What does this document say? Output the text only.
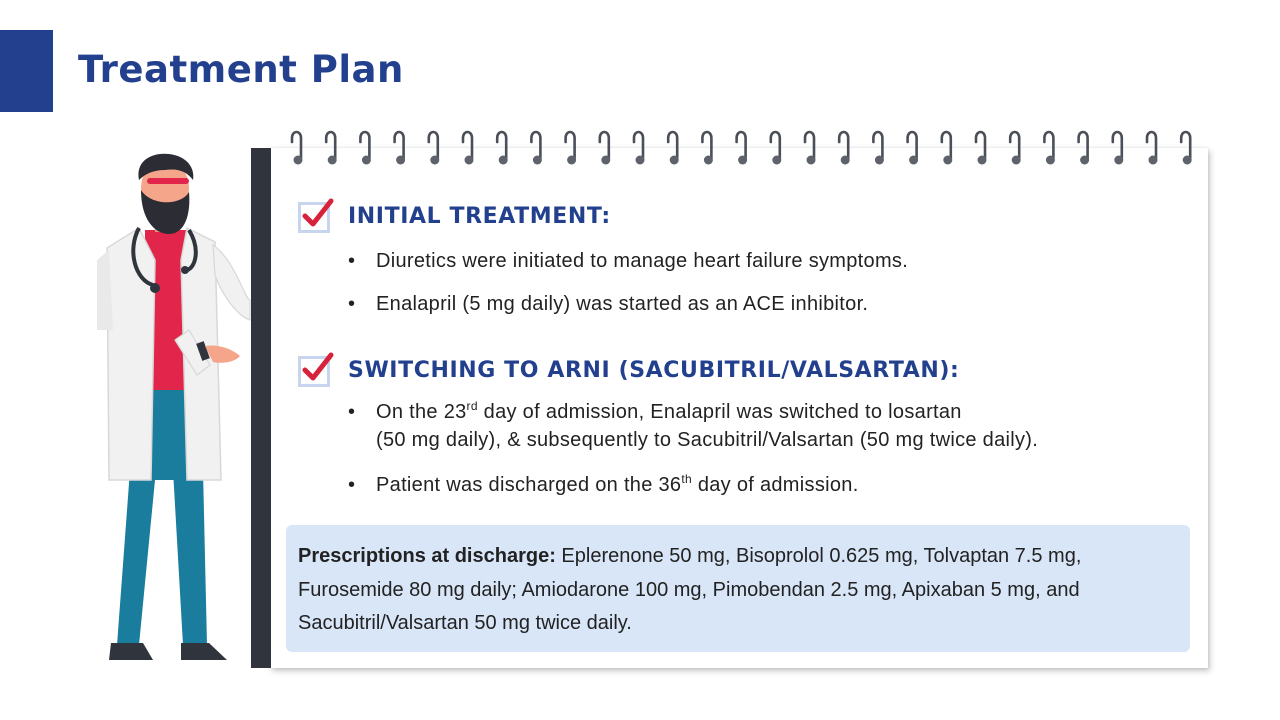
Treatment Plan
INITIAL TREATMENT:
• Diuretics were initiated to manage heart failure symptoms.
• Enalapril (5 mg daily) was started as an ACE inhibitor.
SWITCHING TO ARNI (SACUBITRIL/VALSARTAN):
• On the 23rd day of admission, Enalapril was switched to losartan
(50 mg daily), & subsequently to Sacubitril/Valsartan (50 mg twice daily).
• Patient was discharged on the 36th day of admission.
Prescriptions at discharge: Eplerenone 50 mg, Bisoprolol 0.625 mg, Tolvaptan 7.5 mg, Furosemide 80 mg daily; Amiodarone 100 mg, Pimobendan 2.5 mg, Apixaban 5 mg, and Sacubitril/Valsartan 50 mg twice daily.
